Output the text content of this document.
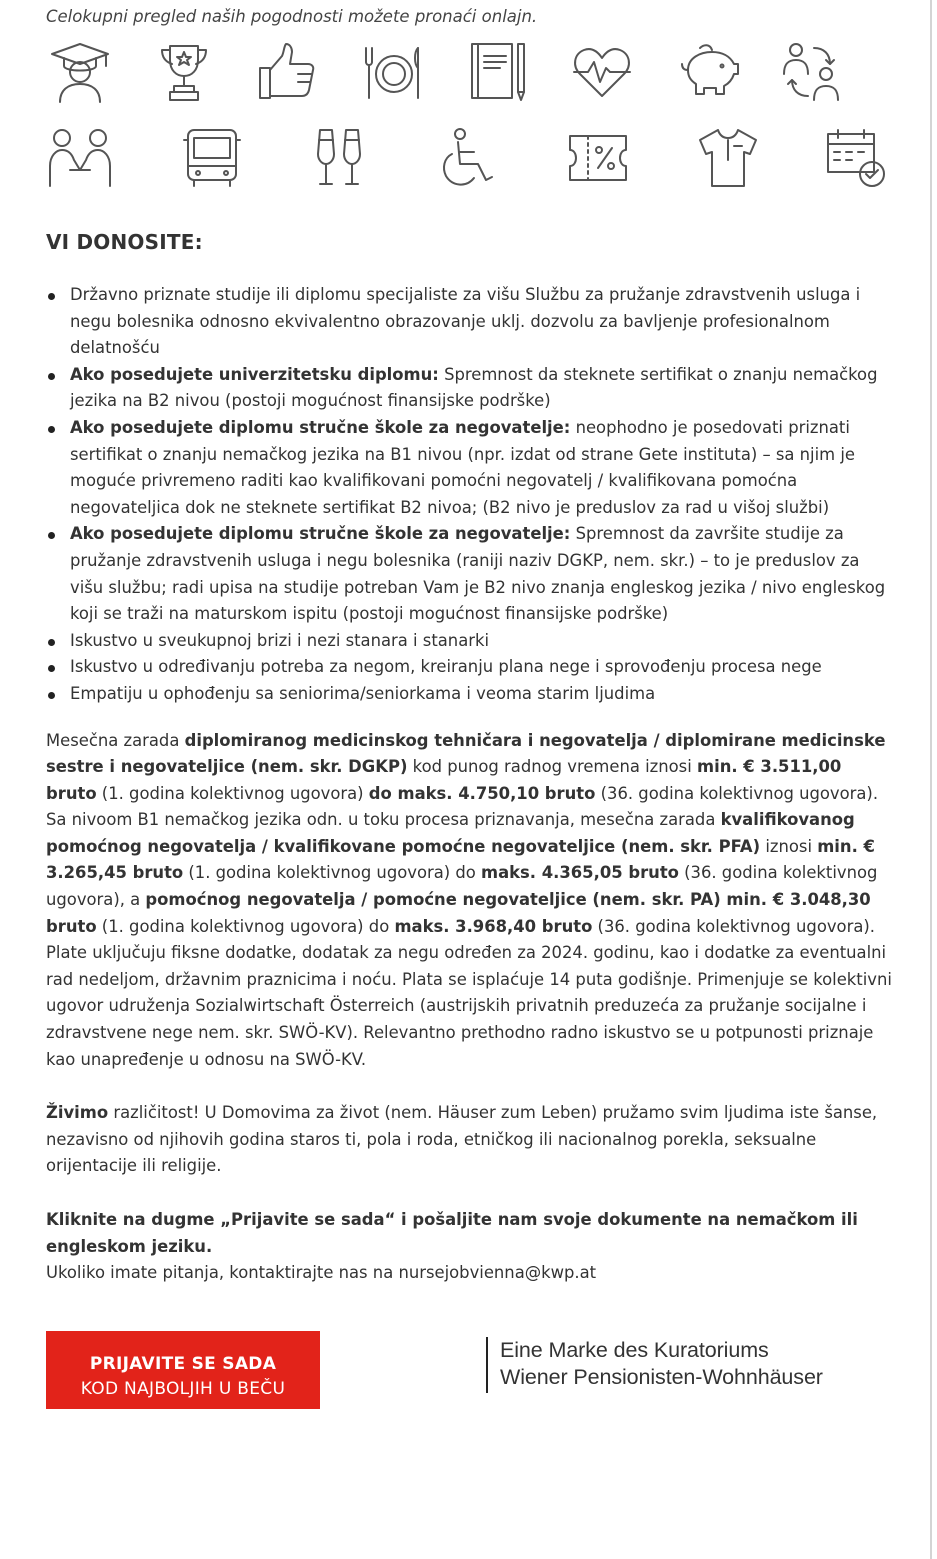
Celokupni pregled naših pogodnosti možete pronaći onlajn.

VI DONOSITE:
Državno priznate studije ili diplomu specijaliste za višu Službu za pružanje zdravstvenih usluga i negu bolesnika odnosno ekvivalentno obrazovanje uklj. dozvolu za bavljenje profesionalnom delatnošću
Ako posedujete univerzitetsku diplomu: Spremnost da steknete sertifikat o znanju nemačkog jezika na B2 nivou (postoji mogućnost finansijske podrške)
Ako posedujete diplomu stručne škole za negovatelje: neophodno je posedovati priznati sertifikat o znanju nemačkog jezika na B1 nivou (npr. izdat od strane Gete instituta) – sa njim je moguće privremeno raditi kao kvalifikovani pomoćni negovatelj / kvalifikovana pomoćna negovateljica dok ne steknete sertifikat B2 nivoa; (B2 nivo je preduslov za rad u višoj službi)
Ako posedujete diplomu stručne škole za negovatelje: Spremnost da završite studije za pružanje zdravstvenih usluga i negu bolesnika (raniji naziv DGKP, nem. skr.) – to je preduslov za višu službu; radi upisa na studije potreban Vam je B2 nivo znanja engleskog jezika / nivo engleskog koji se traži na maturskom ispitu (postoji mogućnost finansijske podrške)
Iskustvo u sveukupnoj brizi i nezi stanara i stanarki
Iskustvo u određivanju potreba za negom, kreiranju plana nege i sprovođenju procesa nege
Empatiju u ophođenju sa seniorima/seniorkama i veoma starim ljudima

Mesečna zarada diplomiranog medicinskog tehničara i negovatelja / diplomirane medicinske sestre i negovateljice (nem. skr. DGKP) kod punog radnog vremena iznosi min. € 3.511,00 bruto (1. godina kolektivnog ugovora) do maks. 4.750,10 bruto (36. godina kolektivnog ugovora). Sa nivoom B1 nemačkog jezika odn. u toku procesa priznavanja, mesečna zarada kvalifikovanog pomoćnog negovatelja / kvalifikovane pomoćne negovateljice (nem. skr. PFA) iznosi min. € 3.265,45 bruto (1. godina kolektivnog ugovora) do maks. 4.365,05 bruto (36. godina kolektivnog ugovora), a pomoćnog negovatelja / pomoćne negovateljice (nem. skr. PA) min. € 3.048,30 bruto (1. godina kolektivnog ugovora) do maks. 3.968,40 bruto (36. godina kolektivnog ugovora). Plate uključuju fiksne dodatke, dodatak za negu određen za 2024. godinu, kao i dodatke za eventualni rad nedeljom, državnim praznicima i noću. Plata se isplaćuje 14 puta godišnje. Primenjuje se kolektivni ugovor udruženja Sozialwirtschaft Österreich (austrijskih privatnih preduzeća za pružanje socijalne i zdravstvene nege nem. skr. SWÖ-KV). Relevantno prethodno radno iskustvo se u potpunosti priznaje kao unapređenje u odnosu na SWÖ-KV.

Živimo različitost! U Domovima za život (nem. Häuser zum Leben) pružamo svim ljudima iste šanse, nezavisno od njihovih godina staros ti, pola i roda, etničkog ili nacionalnog porekla, seksualne orijentacije ili religije.

Kliknite na dugme „Prijavite se sada“ i pošaljite nam svoje dokumente na nemačkom ili engleskom jeziku.

Ukoliko imate pitanja, kontaktirajte nas na nursejobvienna@kwp.at

PRIJAVITE SE SADA
KOD NAJBOLJIH U BEČU
Eine Marke des Kuratoriums
Wiener Pensionisten-Wohnhäuser
